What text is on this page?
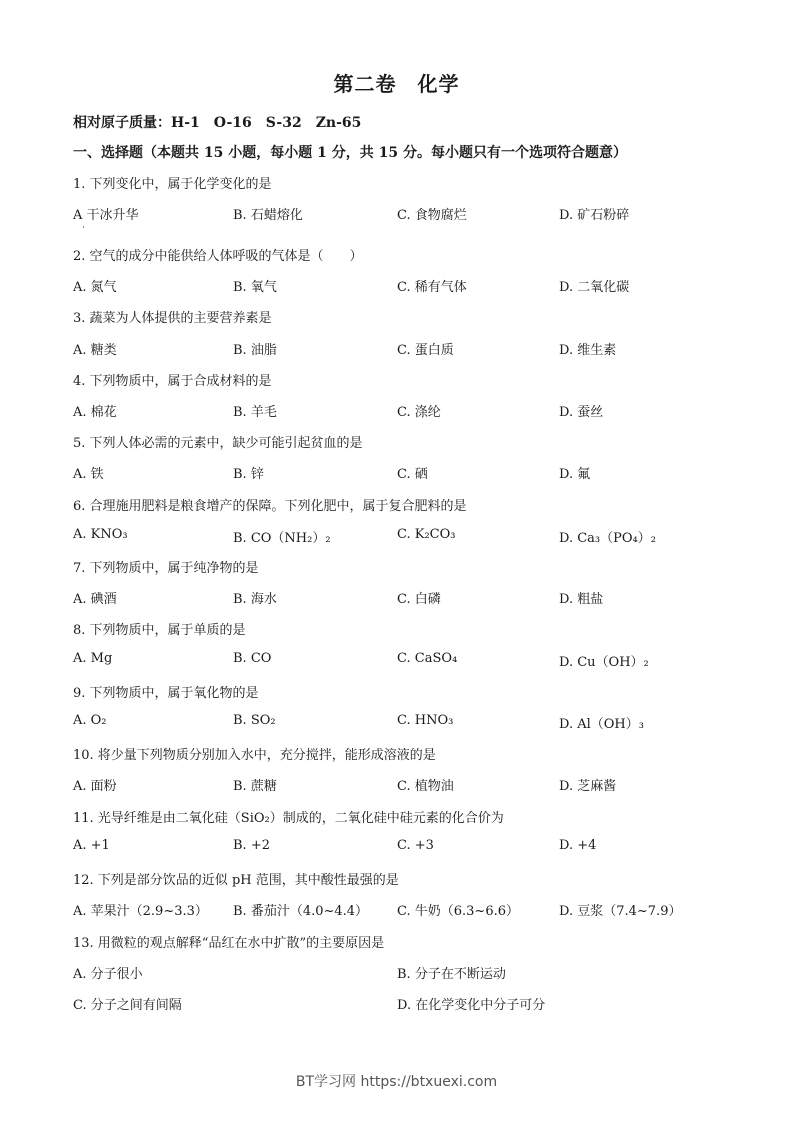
第二卷　化学
相对原子质量：H-1　O-16　S-32　Zn-65
一、选择题（本题共 15 小题，每小题 1 分，共 15 分。每小题只有一个选项符合题意）
1. 下列变化中，属于化学变化的是
A 干冰升华	B. 石蜡熔化	C. 食物腐烂	D. 矿石粉碎
2. 空气的成分中能供给人体呼吸的气体是（　　）
A. 氮气	B. 氧气	C. 稀有气体	D. 二氧化碳
3. 蔬菜为人体提供的主要营养素是
A. 糖类	B. 油脂	C. 蛋白质	D. 维生素
4. 下列物质中，属于合成材料的是
A. 棉花	B. 羊毛	C. 涤纶	D. 蚕丝
5. 下列人体必需的元素中，缺少可能引起贫血的是
A. 铁	B. 锌	C. 硒	D. 氟
6. 合理施用肥料是粮食增产的保障。下列化肥中，属于复合肥料的是
A. KNO₃	B. CO（NH₂）₂	C. K₂CO₃	D. Ca₃（PO₄）₂
7. 下列物质中，属于纯净物的是
A. 碘酒	B. 海水	C. 白磷	D. 粗盐
8. 下列物质中，属于单质的是
A. Mg	B. CO	C. CaSO₄	D. Cu（OH）₂
9. 下列物质中，属于氧化物的是
A. O₂	B. SO₂	C. HNO₃	D. Al（OH）₃
10. 将少量下列物质分别加入水中，充分搅拌，能形成溶液的是
A. 面粉	B. 蔗糖	C. 植物油	D. 芝麻酱
11. 光导纤维是由二氧化硅（SiO₂）制成的，二氧化硅中硅元素的化合价为
A. +1	B. +2	C. +3	D. +4
12. 下列是部分饮品的近似 pH 范围，其中酸性最强的是
A. 苹果汁（2.9~3.3） B. 番茄汁（4.0~4.4） C. 牛奶（6.3~6.6）	D. 豆浆（7.4~7.9）
13. 用微粒的观点解释“品红在水中扩散”的主要原因是
A. 分子很小	B. 分子在不断运动
C. 分子之间有间隔	D. 在化学变化中分子可分
BT学习网 https://btxuexi.com
